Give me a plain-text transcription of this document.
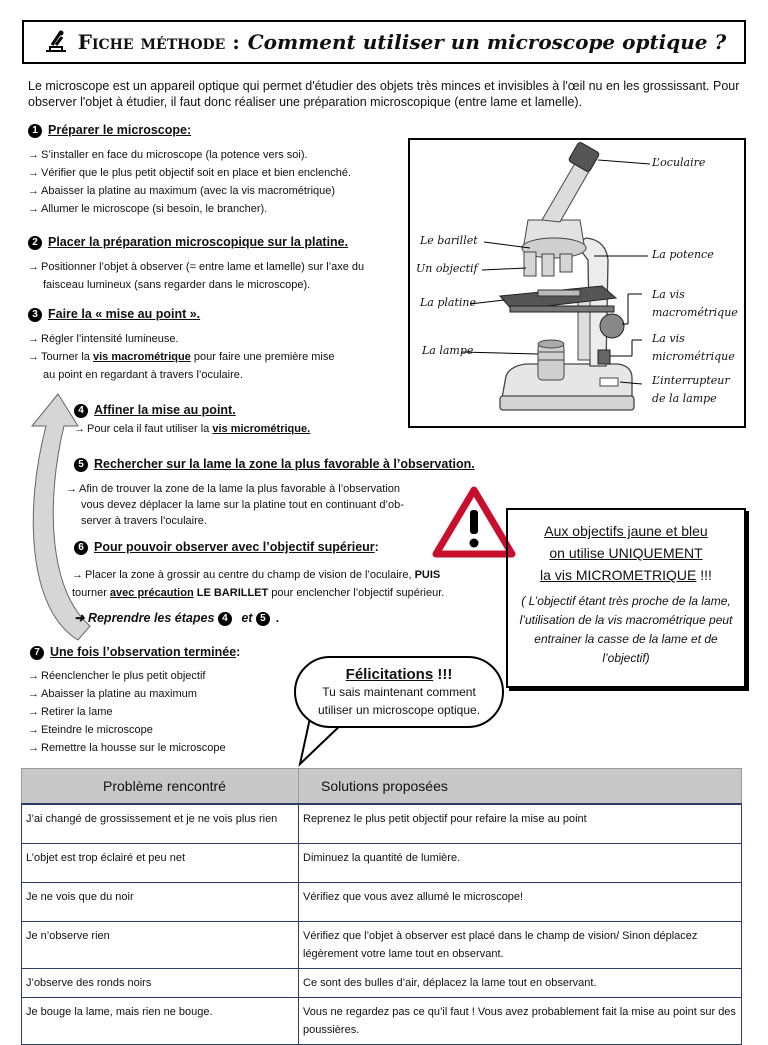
Fiche méthode : Comment utiliser un microscope optique ?
Le microscope est un appareil optique qui permet d'étudier des objets très minces et invisibles à l'œil nu en les grossissant. Pour observer l'objet à étudier, il faut donc réaliser une préparation microscopique (entre lame et lamelle).
1 Préparer le microscope:
→ S’installer en face du microscope (la potence vers soi).
→ Vérifier que le plus petit objectif soit en place et bien enclenché.
→ Abaisser la platine au maximum (avec la vis macrométrique)
→ Allumer le microscope (si besoin, le brancher).
2 Placer la préparation microscopique sur la platine.
→ Positionner l’objet à observer (= entre lame et lamelle) sur l’axe du
faisceau lumineux (sans regarder dans le microscope).
3 Faire la « mise au point ».
→ Régler l’intensité lumineuse.
→ Tourner la vis macrométrique pour faire une première mise
au point en regardant à travers l’oculaire.
4 Affiner la mise au point.
→ Pour cela il faut utiliser la vis micrométrique.
5 Rechercher sur la lame la zone la plus favorable à l’observation.
→ Afin de trouver la zone de la lame la plus favorable à l’observation
vous devez déplacer la lame sur la platine tout en continuant d’ob-
server à travers l’oculaire.
6 Pour pouvoir observer avec l’objectif supérieur:
→ Placer la zone à grossir au centre du champ de vision de l’oculaire, PUIS
tourner avec précaution LE BARILLET pour enclencher l’objectif supérieur.
➜ Reprendre les étapes 4 et 5 .
7 Une fois l’observation terminée:
→ Réenclencher le plus petit objectif
→ Abaisser la platine au maximum
→ Retirer la lame
→ Eteindre le microscope
→ Remettre la housse sur le microscope
L’oculaire
Le barillet
Un objectif
La potence
La platine
La vis
macrométrique
La lampe
La vis
micrométrique
L’interrupteur
de la lampe
Aux objectifs jaune et bleu
on utilise UNIQUEMENT
la vis MICROMETRIQUE !!!
( L’objectif étant très proche de la lame, l’utilisation de la vis macrométrique peut entrainer la casse de la lame et de l’objectif)
Félicitations !!!
Tu sais maintenant comment
utiliser un microscope optique.
Problème rencontré	Solutions proposées
J’ai changé de grossissement et je ne vois plus rien	Reprenez le plus petit objectif pour refaire la mise au point
L’objet est trop éclairé et peu net	Diminuez la quantité de lumière.
Je ne vois que du noir	Vérifiez que vous avez allumé le microscope!
Je n’observe rien	Vérifiez que l’objet à observer est placé dans le champ de vision/ Sinon déplacez légèrement votre lame tout en observant.
J’observe des ronds noirs	Ce sont des bulles d’air, déplacez la lame tout en observant.
Je bouge la lame, mais rien ne bouge.	Vous ne regardez pas ce qu’il faut ! Vous avez probablement fait la mise au point sur des poussières.
